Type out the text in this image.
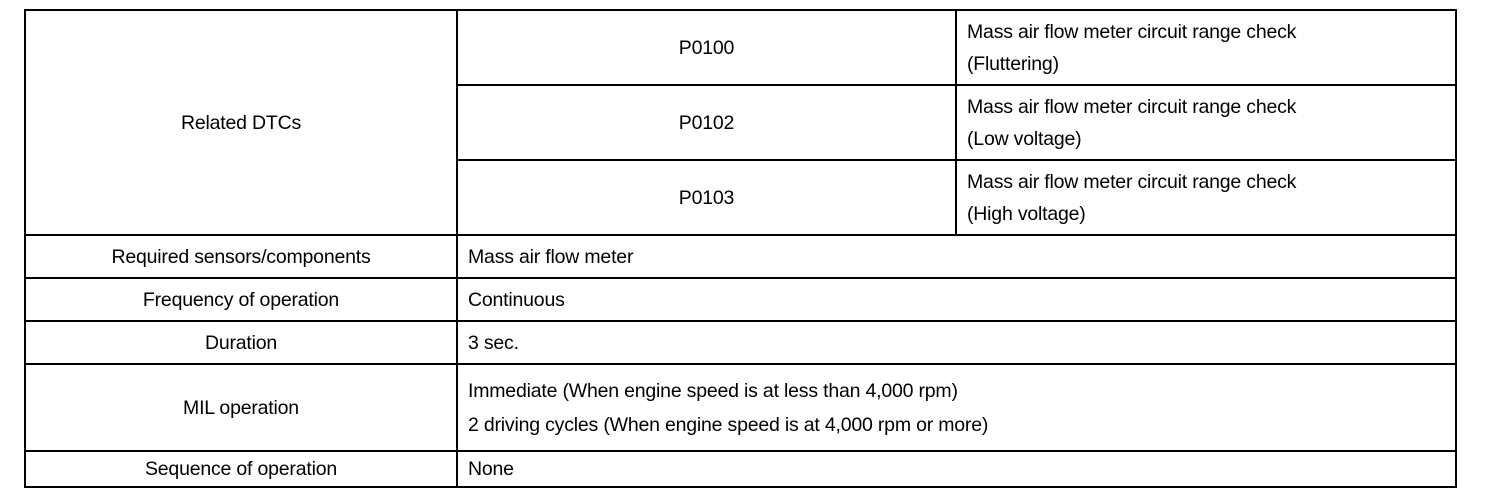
Related DTCs	P0100	Mass air flow meter circuit range check
(Fluttering)

	P0102	Mass air flow meter circuit range check
(Low voltage)

	P0103	Mass air flow meter circuit range check
(High voltage)

Required sensors/components	Mass air flow meter	
Frequency of operation	Continuous	
Duration	3 sec.	
MIL operation	Immediate (When engine speed is at less than 4,000 rpm)
2 driving cycles (When engine speed is at 4,000 rpm or more)	

Sequence of operation	None	
